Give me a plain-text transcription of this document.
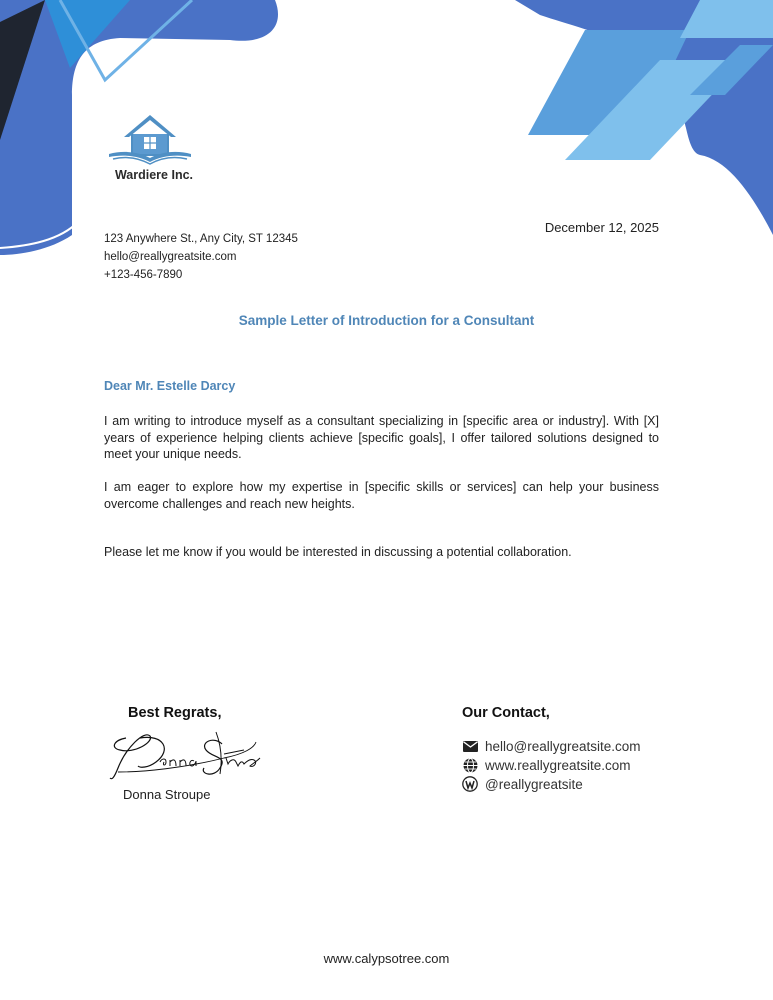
Wardiere Inc.
December 12, 2025
123 Anywhere St., Any City, ST 12345
hello@reallygreatsite.com
+123-456-7890
Sample Letter of Introduction for a Consultant
Dear Mr. Estelle Darcy
I am writing to introduce myself as a consultant specializing in [specific area or industry]. With [X] years of experience helping clients achieve [specific goals], I offer tailored solutions designed to meet your unique needs.
I am eager to explore how my expertise in [specific skills or services] can help your business overcome challenges and reach new heights.
Please let me know if you would be interested in discussing a potential collaboration.
Best Regrats,
Donna Stroupe
Our Contact,
hello@reallygreatsite.com
www.reallygreatsite.com
@reallygreatsite
www.calypsotree.com
